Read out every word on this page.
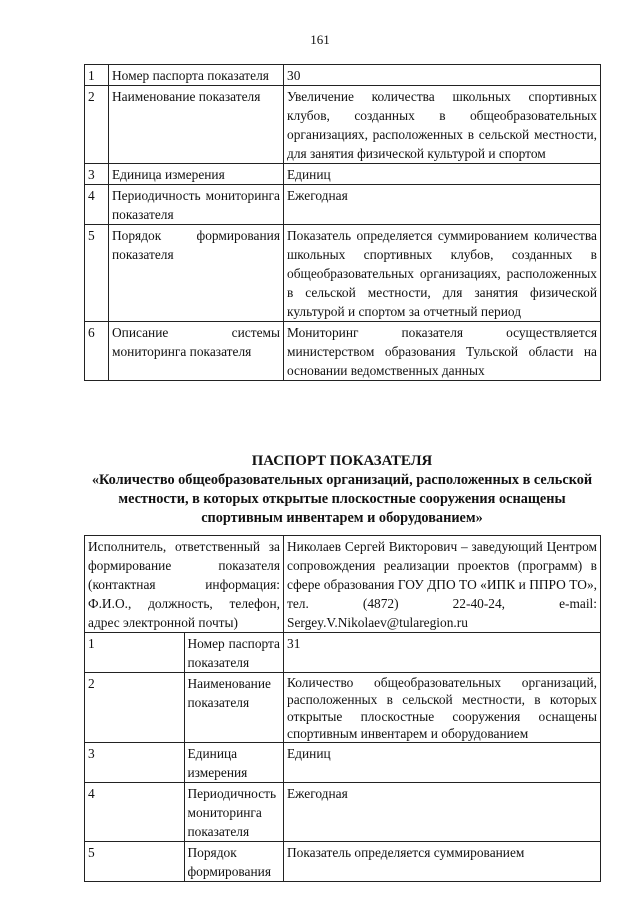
161
1	Номер паспорта показателя	30
2	Наименование показателя	Увеличение количества школьных спортивных клубов, созданных в общеобразовательных организациях, расположенных в сельской местности, для занятия физической культурой и спортом
3	Единица измерения	Единиц
4	Периодичность мониторинга показателя	Ежегодная
5	Порядок формирования показателя	Показатель определяется суммированием количества школьных спортивных клубов, созданных в общеобразовательных организациях, расположенных в сельской местности, для занятия физической культурой и спортом за отчетный период
6	Описание системы мониторинга показателя	Мониторинг показателя осуществляется министерством образования Тульской области на основании ведомственных данных
ПАСПОРТ ПОКАЗАТЕЛЯ
«Количество общеобразовательных организаций, расположенных в сельской местности, в которых открытые плоскостные сооружения оснащены спортивным инвентарем и оборудованием»
Исполнитель, ответственный за формирование показателя (контактная информация: Ф.И.О., должность, телефон, адрес электронной почты)		Николаев Сергей Викторович – заведующий Центром сопровождения реализации проектов (программ) в сфере образования ГОУ ДПО ТО «ИПК и ППРО ТО», тел. (4872) 22-40-24, e-mail: Sergey.V.Nikolaev@tularegion.ru
1	Номер паспорта показателя	31
2	Наименование показателя	Количество общеобразовательных организаций, расположенных в сельской местности, в которых открытые плоскостные сооружения оснащены спортивным инвентарем и оборудованием
3	Единица измерения	Единиц
4	Периодичность мониторинга показателя	Ежегодная
5	Порядок формирования	Показатель определяется суммированием
